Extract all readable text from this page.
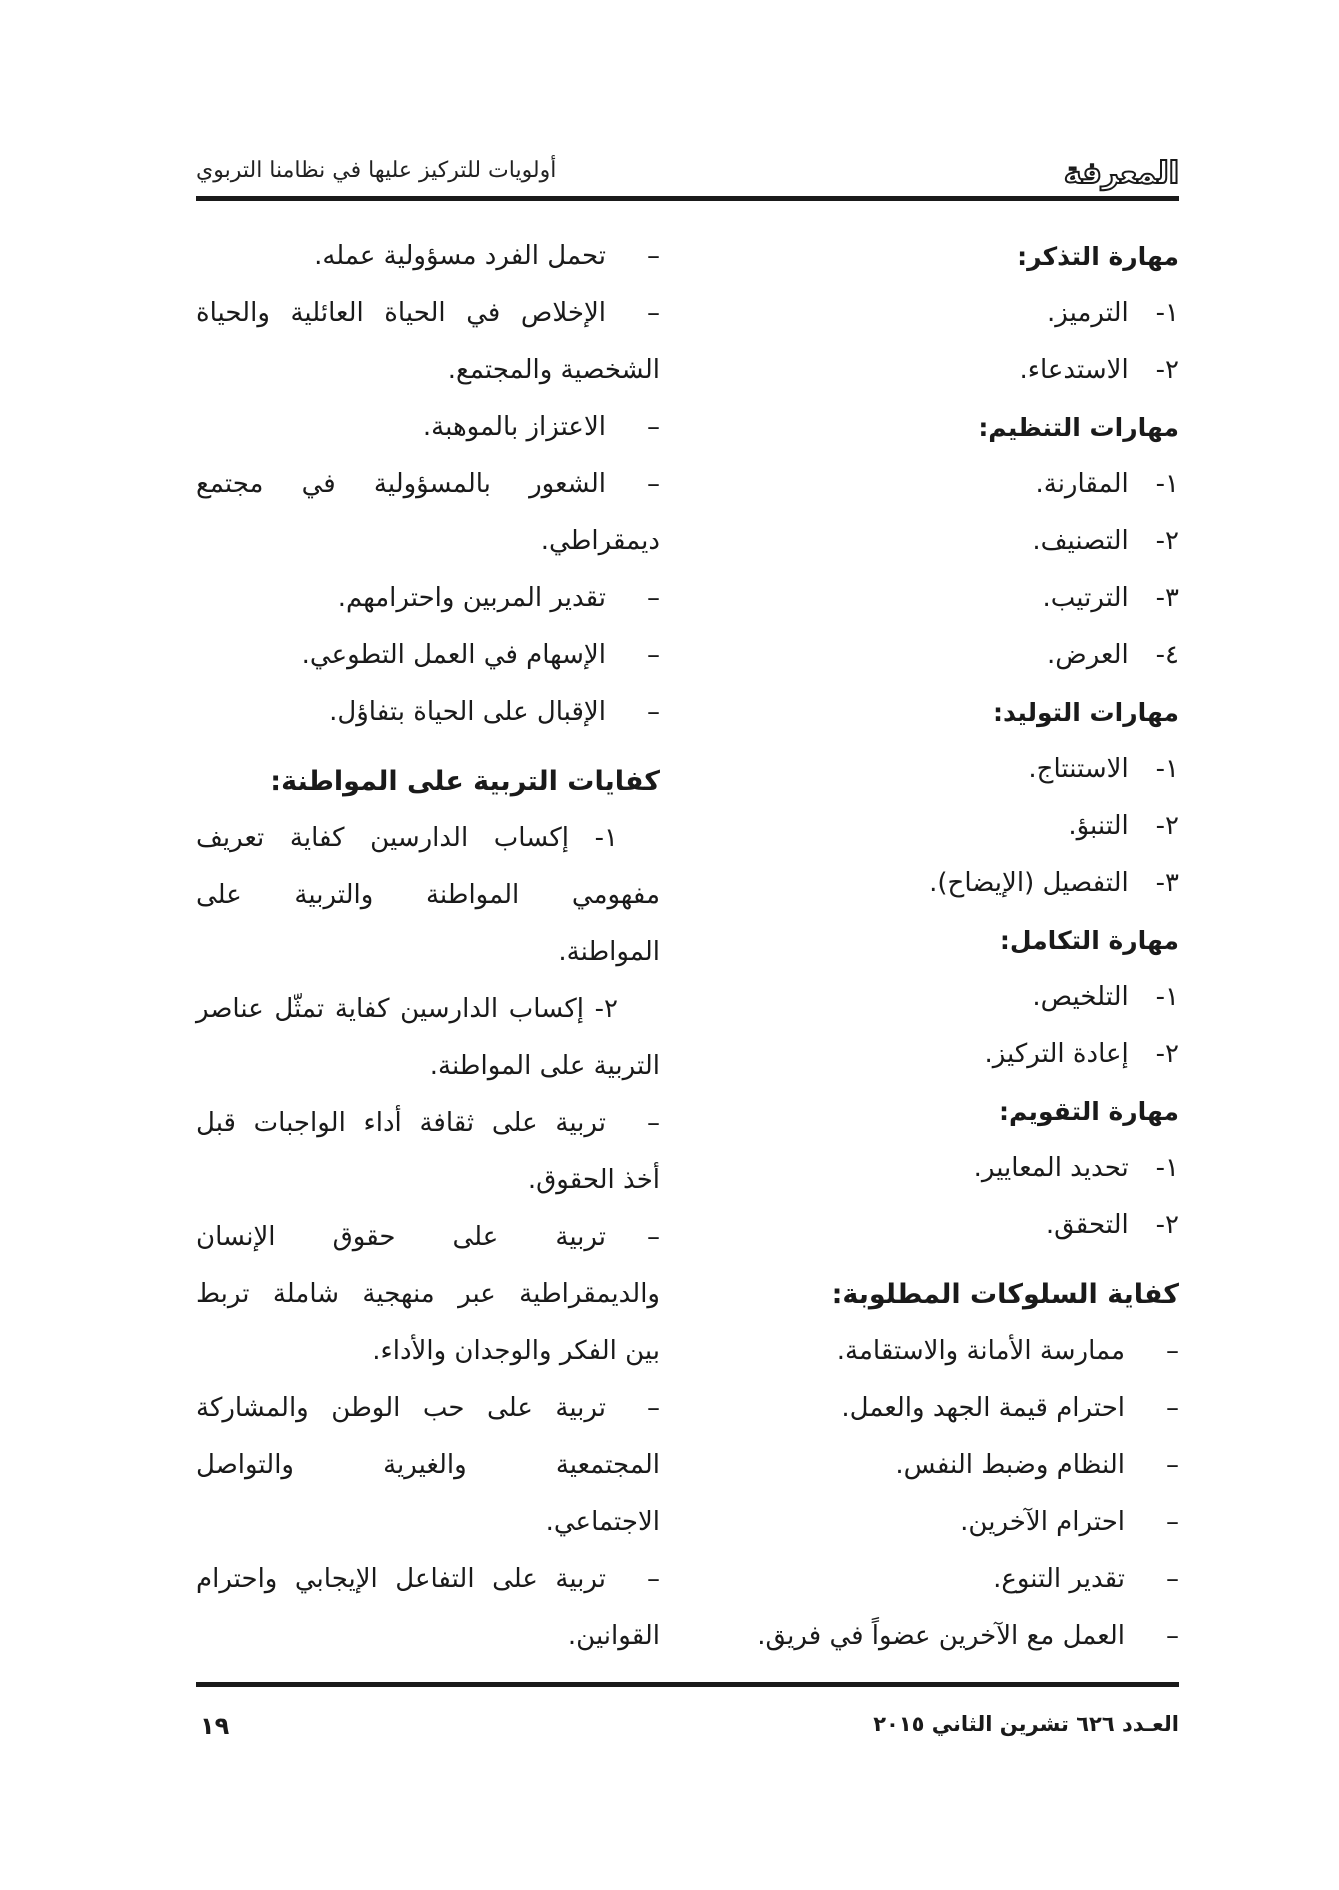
المعرفة
أولويات للتركيز عليها في نظامنا التربوي
مهارة التذكر:
١- الترميز.
٢- الاستدعاء.
مهارات التنظيم:
١- المقارنة.
٢- التصنيف.
٣- الترتيب.
٤- العرض.
مهارات التوليد:
١- الاستنتاج.
٢- التنبؤ.
٣- التفصيل (الإيضاح).
مهارة التكامل:
١- التلخيص.
٢- إعادة التركيز.
مهارة التقويم:
١- تحديد المعايير.
٢- التحقق.
كفاية السلوكات المطلوبة:
–ممارسة الأمانة والاستقامة.
–احترام قيمة الجهد والعمل.
–النظام وضبط النفس.
–احترام الآخرين.
–تقدير التنوع.
–العمل مع الآخرين عضواً في فريق.
–تحمل الفرد مسؤولية عمله.
–الإخلاص في الحياة العائلية والحياة
الشخصية والمجتمع.
–الاعتزاز بالموهبة.
–الشعور بالمسؤولية في مجتمع
ديمقراطي.
–تقدير المربين واحترامهم.
–الإسهام في العمل التطوعي.
–الإقبال على الحياة بتفاؤل.
كفايات التربية على المواطنة:
١- إكساب الدارسين كفاية تعريف
مفهومي المواطنة والتربية على
المواطنة.
٢- إكساب الدارسين كفاية تمثّل عناصر
التربية على المواطنة.
–تربية على ثقافة أداء الواجبات قبل
أخذ الحقوق.
–تربية على حقوق الإنسان
والديمقراطية عبر منهجية شاملة تربط
بين الفكر والوجدان والأداء.
–تربية على حب الوطن والمشاركة
المجتمعية والغيرية والتواصل
الاجتماعي.
–تربية على التفاعل الإيجابي واحترام
القوانين.
العـدد ٦٢٦ تشرين الثاني ٢٠١٥
١٩
